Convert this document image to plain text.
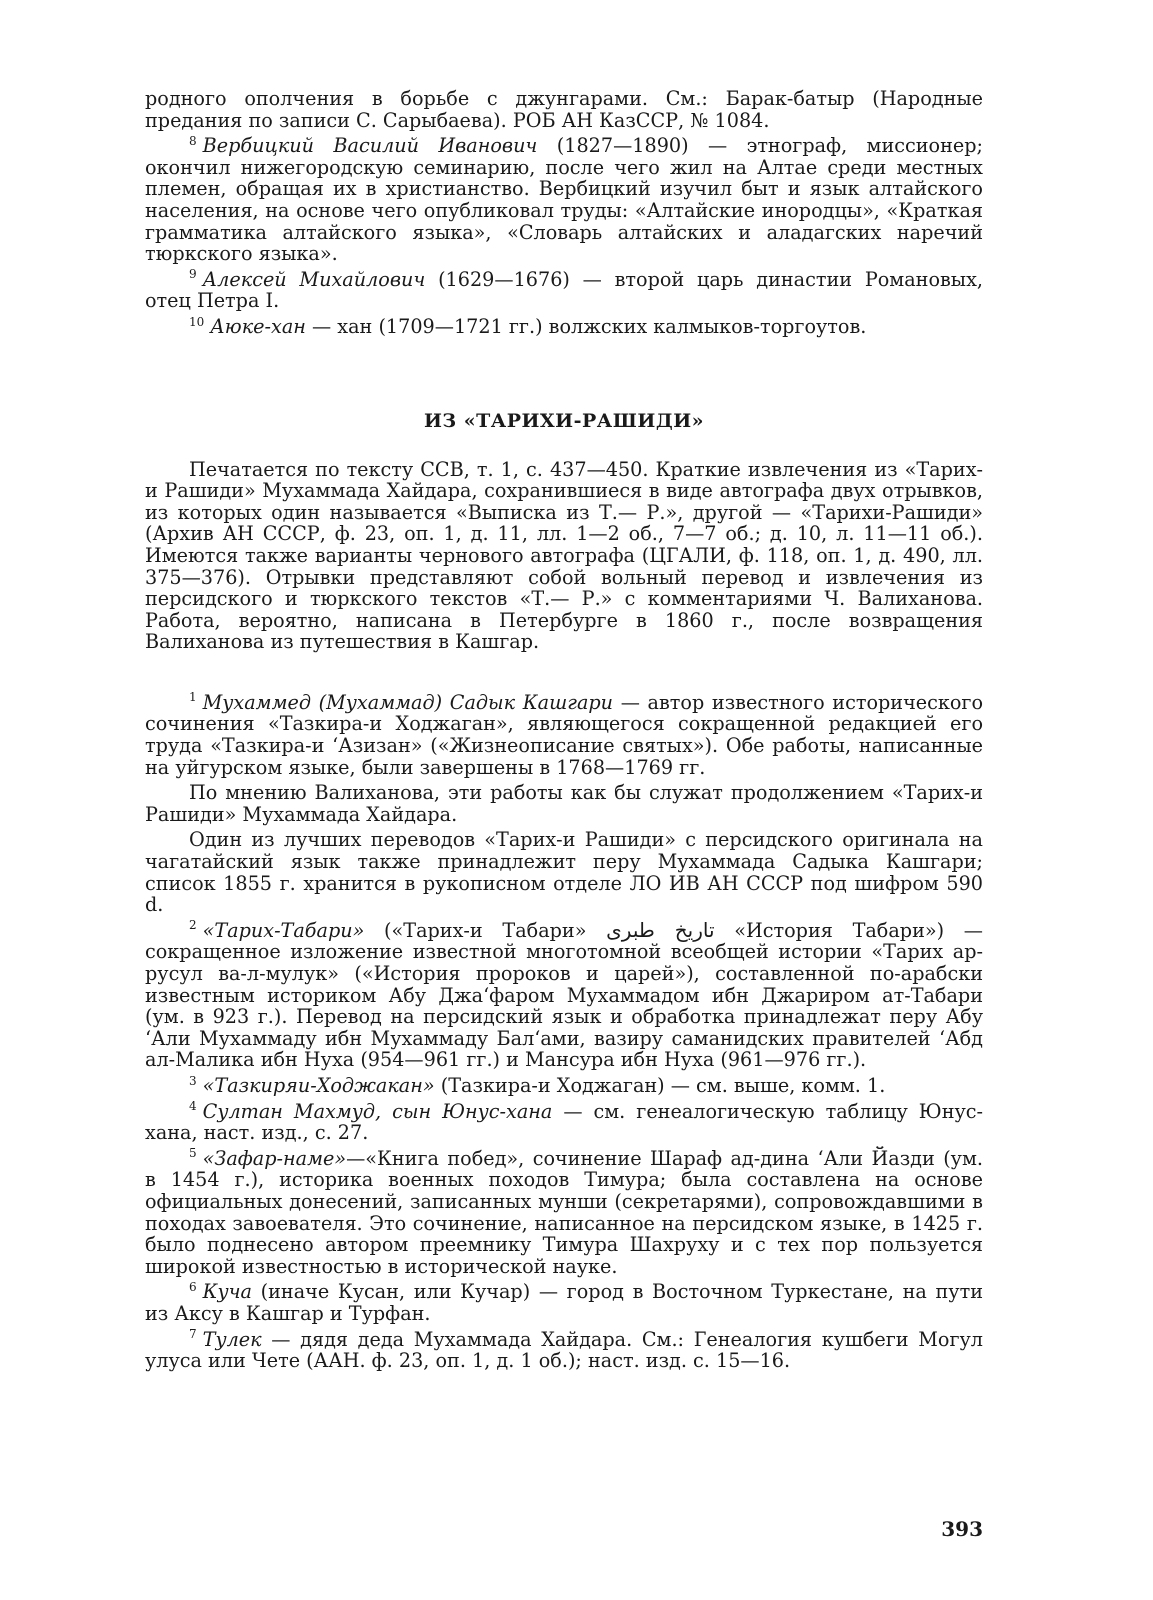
родного ополчения в борьбе с джунгарами. См.: Барак-батыр (Народные предания по записи С. Сарыбаева). РОБ АН КазССР, № 1084.

$^8$ Вербицкий Василий Иванович (1827—1890) — этнограф, миссионер; окончил нижегородскую семинарию, после чего жил на Алтае среди местных племен, обращая их в христианство. Вербицкий изучил быт и язык алтайского населения, на основе чего опубликовал труды: «Алтайские инородцы», «Краткая грамматика алтайского языка», «Словарь алтайских и аладагских наречий тюркского языка».

$^9$ Алексей Михайлович (1629—1676) — второй царь династии Романовых, отец Петра I.

$^{10}$ Аюке-хан — хан (1709—1721 гг.) волжских калмыков-торгоутов.

ИЗ «ТАРИХИ-РАШИДИ»

Печатается по тексту ССВ, т. 1, с. 437—450. Краткие извлечения из «Тарих-и Рашиди» Мухаммада Хайдара, сохранившиеся в виде автографа двух отрывков, из которых один называется «Выписка из Т.— Р.», другой — «Тарихи-Рашиди» (Архив АН СССР, ф. 23, оп. 1, д. 11, лл. 1—2 об., 7—7 об.; д. 10, л. 11—11 об.). Имеются также варианты чернового автографа (ЦГАЛИ, ф. 118, оп. 1, д. 490, лл. 375—376). Отрывки представляют собой вольный перевод и извлечения из персидского и тюркского текстов «Т.— Р.» с комментариями Ч. Валиханова. Работа, вероятно, написана в Петербурге в 1860 г., после возвращения Валиханова из путешествия в Кашгар.

$^1$ Мухаммед (Мухаммад) Садык Кашгари — автор известного исторического сочинения «Тазкира-и Ходжаган», являющегося сокращенной редакцией его труда «Тазкира-и ‘Азизан» («Жизнеописание святых»). Обе работы, написанные на уйгурском языке, были завершены в 1768—1769 гг.

По мнению Валиханова, эти работы как бы служат продолжением «Тарих-и Рашиди» Мухаммада Хайдара.

Один из лучших переводов «Тарих-и Рашиди» с персидского оригинала на чагатайский язык также принадлежит перу Мухаммада Садыка Кашгари; список 1855 г. хранится в рукописном отделе ЛО ИВ АН СССР под шифром 590 d.

$^2$ «Тарих-Табари» («Тарих-и Табари» تاريخ طبرى «История Табари») — сокращенное изложение известной многотомной всеобщей истории «Тарих ар-русул ва-л-мулук» («История пророков и царей»), составленной по-арабски известным историком Абу Джа‘фаром Мухаммадом ибн Джариром ат-Табари (ум. в 923 г.). Перевод на персидский язык и обработка принадлежат перу Абу ‘Али Мухаммаду ибн Мухаммаду Бал‘ами, вазиру саманидских правителей ‘Абд ал-Малика ибн Нуха (954—961 гг.) и Мансура ибн Нуха (961—976 гг.).

$^3$ «Тазкиряи-Ходжакан» (Тазкира-и Ходжаган) — см. выше, комм. 1.

$^4$ Султан Махмуд, сын Юнус-хана — см. генеалогическую таблицу Юнус-хана, наст. изд., с. 27.

$^5$ «Зафар-наме»—«Книга побед», сочинение Шараф ад-дина ‘Али Йазди (ум. в 1454 г.), историка военных походов Тимура; была составлена на основе официальных донесений, записанных мунши (секретарями), сопровождавшими в походах завоевателя. Это сочинение, написанное на персидском языке, в 1425 г. было поднесено автором преемнику Тимура Шахруху и с тех пор пользуется широкой известностью в исторической науке.

$^6$ Куча (иначе Кусан, или Кучар) — город в Восточном Туркестане, на пути из Аксу в Кашгар и Турфан.

$^7$ Тулек — дядя деда Мухаммада Хайдара. См.: Генеалогия кушбеги Могул улуса или Чете (ААН. ф. 23, оп. 1, д. 1 об.); наст. изд. с. 15—16.

393
